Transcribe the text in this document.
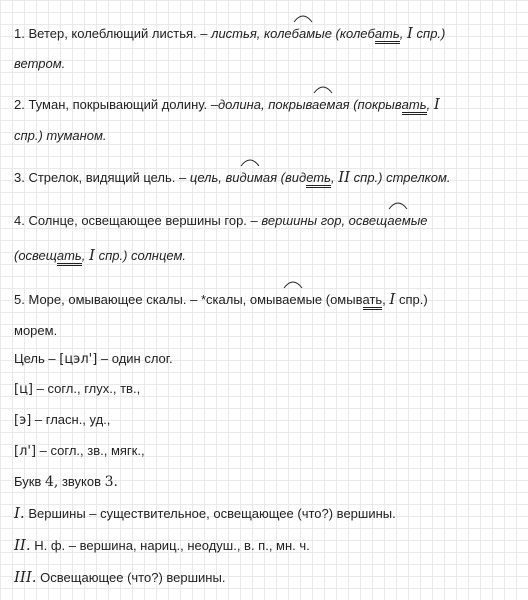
1. Ветер, колеблющий листья. – листья, колеб
амые (колебать, I спр.)
ветром.
2. Туман, покрывающий долину. –долина, покрыва
емая (покрывать, I
спр.) туманом.
3. Стрелок, видящий цель. – цель, вид
имая (видеть, II спр.) стрелком.
4. Солнце, освещающее вершины гор. – вершины гор, освеща
емые
(освещать, I спр.) солнцем.
5. Море, омывающее скалы. – *скалы, омыва
емые (омывать, I спр.)
морем.
Цель – [цэл'] – один слог.
[ц] – согл., глух., тв.,
[э] – гласн., уд.,
[л'] – согл., зв., мягк.,
Букв 4, звуков 3.
I. Вершины – существительное, освещающее (что?) вершины.
II. Н. ф. – вершина, нариц., неодуш., в. п., мн. ч.
III. Освещающее (что?) вершины.
